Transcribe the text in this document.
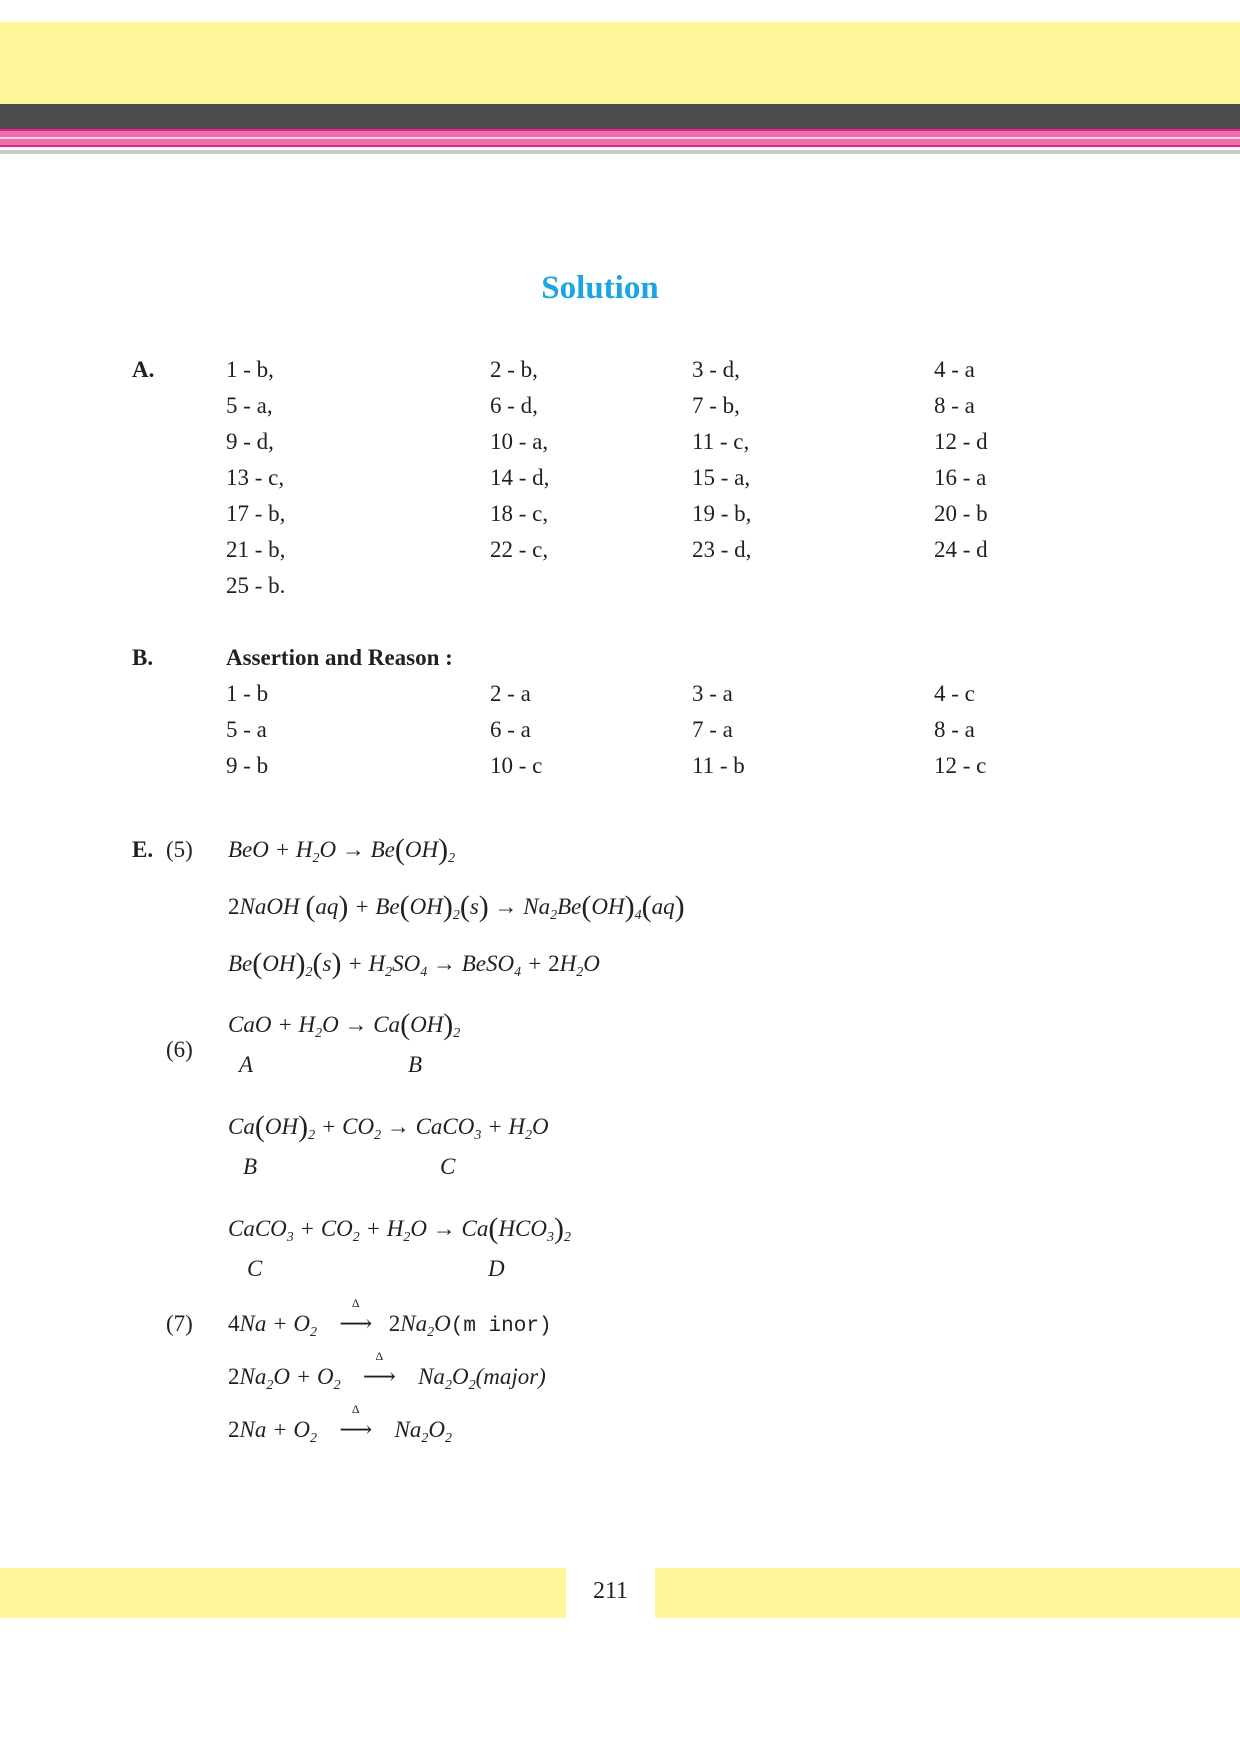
Solution
A.	1 - b,	2 - b,	3 - d,	4 - a
5 - a,	6 - d,	7 - b,	8 - a
9 - d,	10 - a,	11 - c,	12 - d
13 - c,	14 - d,	15 - a,	16 - a
17 - b,	18 - c,	19 - b,	20 - b
21 - b,	22 - c,	23 - d,	24 - d
25 - b.
B.	Assertion and Reason :
1 - b	2 - a	3 - a	4 - c
5 - a	6 - a	7 - a	8 - a
9 - b	10 - c	11 - b	12 - c
E. (5) BeO + $H_2O \to Be(OH)_2$
2NaOH $(aq) + Be(OH)_2(s) \to Na_2Be(OH)_4(aq)$
$Be(OH)_2(s) + H_2SO_4$ → BeSO$_4$ + $2H_2O$
(6)
CaO + $H_2O \to Ca(OH)_2$
A	B
$Ca(OH)_2 + CO_2$ → CaCO$_3$ + $H_2O$
B	C
CaCO$_3$ + $CO_2 + H_2O \to Ca(HCO_3)_2$
C	D
(7) $4Na + O_2$
Δ
⟶ $2Na_2O(m$ inor)
$2Na_2O + O_2$
Δ
⟶ $Na_2O_2(major)$
$2Na + O_2$
Δ
⟶ $Na_2O_2$
211
